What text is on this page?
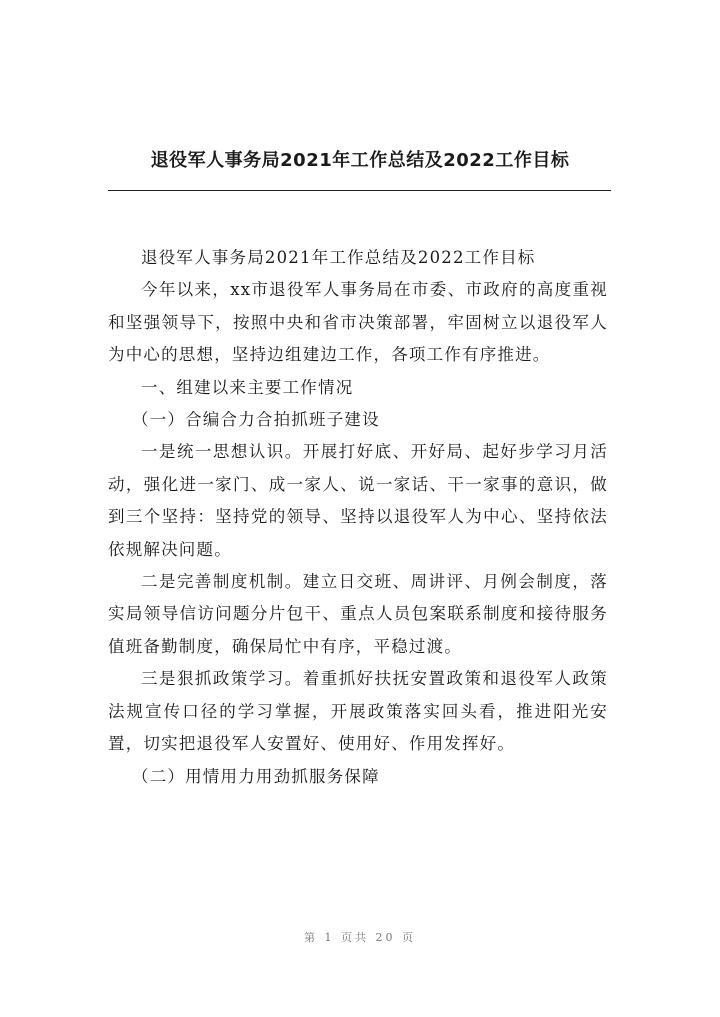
退役军人事务局2021年工作总结及2022工作目标

退役军人事务局2021年工作总结及2022工作目标

今年以来，xx市退役军人事务局在市委、市政府的高度重视和坚强领导下，按照中央和省市决策部署，牢固树立以退役军人为中心的思想，坚持边组建边工作，各项工作有序推进。

一、组建以来主要工作情况

（一）合编合力合拍抓班子建设

一是统一思想认识。开展打好底、开好局、起好步学习月活动，强化进一家门、成一家人、说一家话、干一家事的意识，做到三个坚持：坚持党的领导、坚持以退役军人为中心、坚持依法依规解决问题。

二是完善制度机制。建立日交班、周讲评、月例会制度，落实局领导信访问题分片包干、重点人员包案联系制度和接待服务值班备勤制度，确保局忙中有序，平稳过渡。

三是狠抓政策学习。着重抓好扶抚安置政策和退役军人政策法规宣传口径的学习掌握，开展政策落实回头看，推进阳光安置，切实把退役军人安置好、使用好、作用发挥好。

（二）用情用力用劲抓服务保障

第 1 页共 20 页
